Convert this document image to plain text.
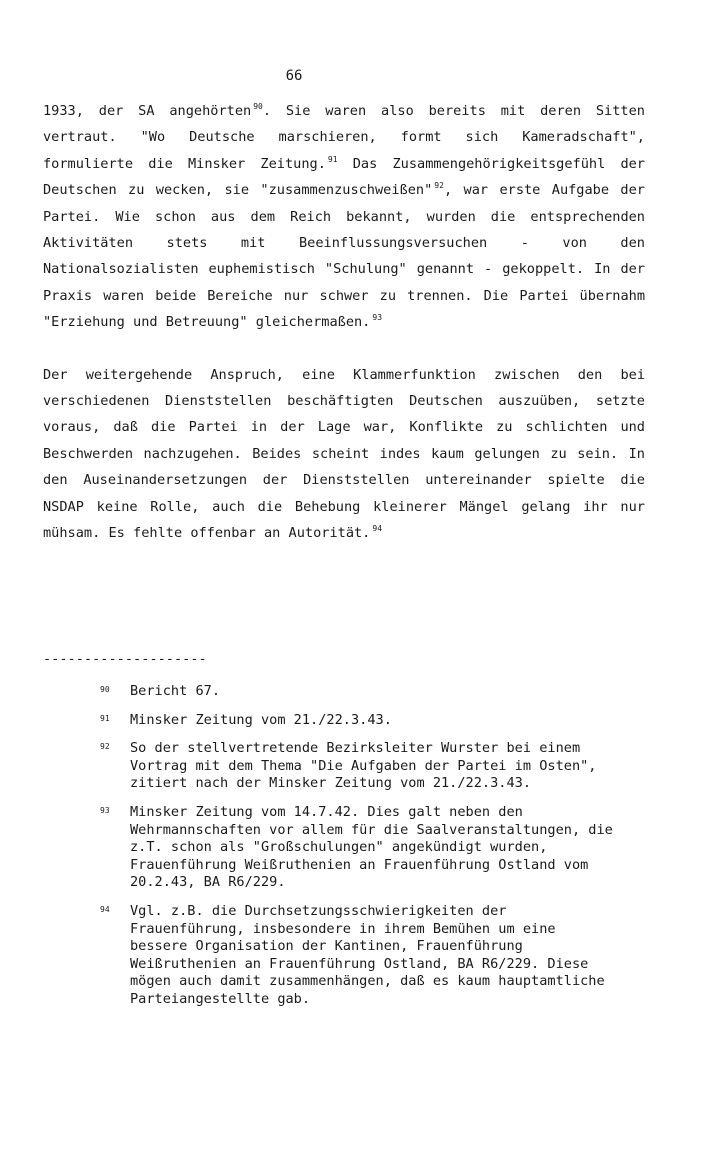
66

1933, der SA angehörten $^{90}$. Sie waren also bereits mit deren Sitten vertraut. "Wo Deutsche marschieren, formt sich Kameradschaft", formulierte die Minsker Zeitung. $^{91}$ Das Zusammengehörigkeitsgefühl der Deutschen zu wecken, sie "zusammenzuschweißen" $^{92}$, war erste Aufgabe der Partei. Wie schon aus dem Reich bekannt, wurden die entsprechenden Aktivitäten stets mit Beeinflussungsversuchen - von den Nationalsozialisten euphemistisch "Schulung" genannt - gekoppelt. In der Praxis waren beide Bereiche nur schwer zu trennen. Die Partei übernahm "Erziehung und Betreuung" gleichermaßen. $^{93}$

Der weitergehende Anspruch, eine Klammerfunktion zwischen den bei verschiedenen Dienststellen beschäftigten Deutschen auszuüben, setzte voraus, daß die Partei in der Lage war, Konflikte zu schlichten und Beschwerden nachzugehen. Beides scheint indes kaum gelungen zu sein. In den Auseinandersetzungen der Dienststellen untereinander spielte die NSDAP keine Rolle, auch die Behebung kleinerer Mängel gelang ihr nur mühsam. Es fehlte offenbar an Autorität. $^{94}$

--------------------
90 Bericht 67.
91 Minsker Zeitung vom 21./22.3.43.
92 So der stellvertretende Bezirksleiter Wurster bei einem Vortrag mit dem Thema "Die Aufgaben der Partei im Osten", zitiert nach der Minsker Zeitung vom 21./22.3.43.
93 Minsker Zeitung vom 14.7.42. Dies galt neben den Wehrmannschaften vor allem für die Saalveranstaltungen, die z.T. schon als "Großschulungen" angekündigt wurden, Frauenführung Weißruthenien an Frauenführung Ostland vom 20.2.43, BA R6/229.
94 Vgl. z.B. die Durchsetzungsschwierigkeiten der Frauenführung, insbesondere in ihrem Bemühen um eine bessere Organisation der Kantinen, Frauenführung Weißruthenien an Frauenführung Ostland, BA R6/229. Diese mögen auch damit zusammenhängen, daß es kaum hauptamtliche Parteiangestellte gab.
